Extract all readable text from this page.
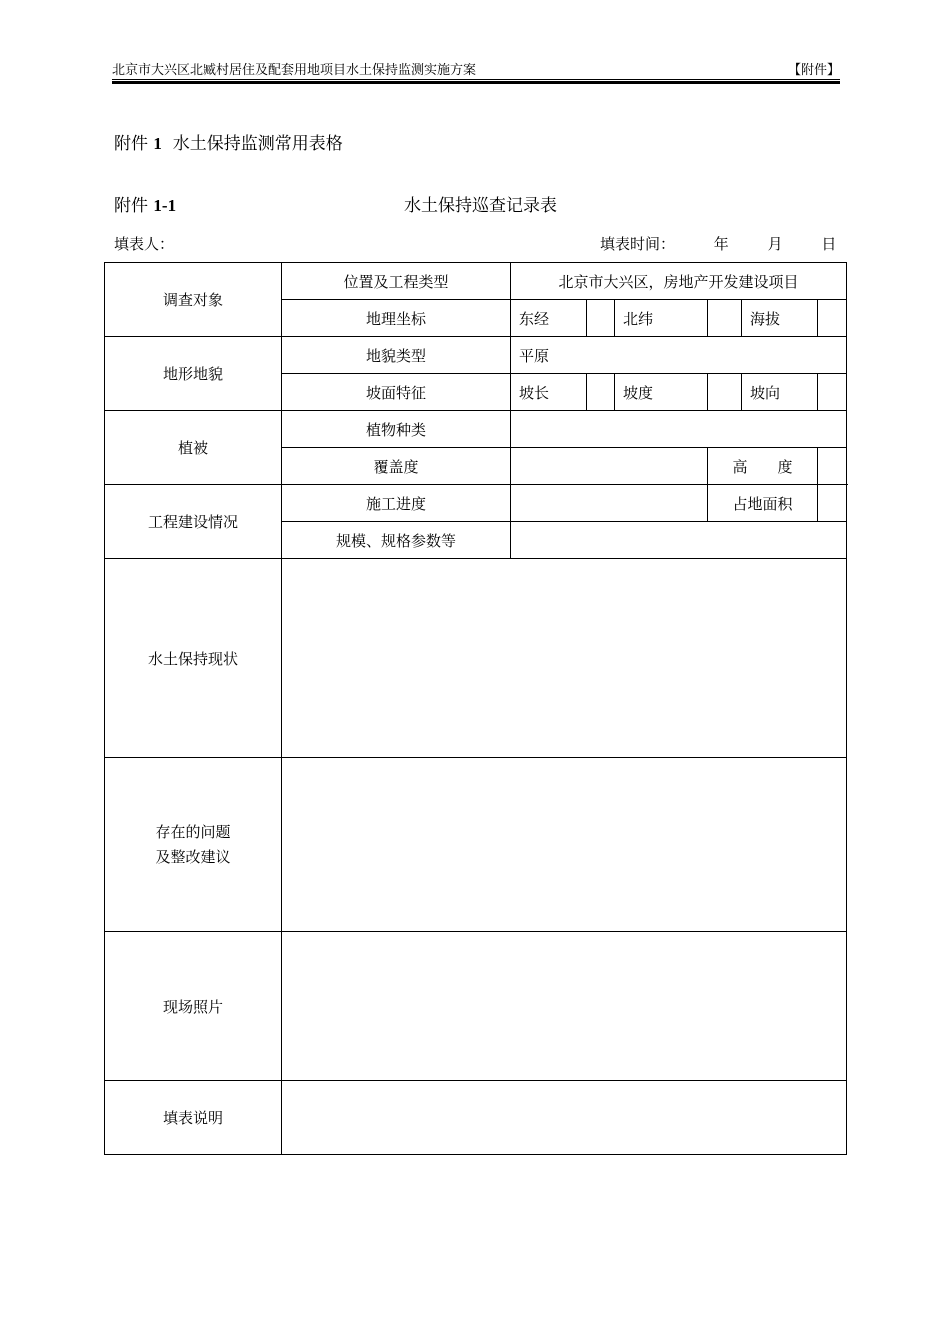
北京市大兴区北臧村居住及配套用地项目水土保持监测实施方案	【附件】
附件 1 水土保持监测常用表格
附件 1-1	水土保持巡查记录表
填表人：	填表时间：	年	月	日
调查对象	位置及工程类型	北京市大兴区，房地产开发建设项目					
	地理坐标	东经		北纬		海拔	
地形地貌	地貌类型	平原					
	坡面特征	坡长		坡度		坡向	
植被	植物种类						
	覆盖度				高　　度		
工程建设情况	施工进度				占地面积		
	规模、规格参数等						
水土保持现状							

存在的问题
及整改建议							

现场照片							
填表说明							
